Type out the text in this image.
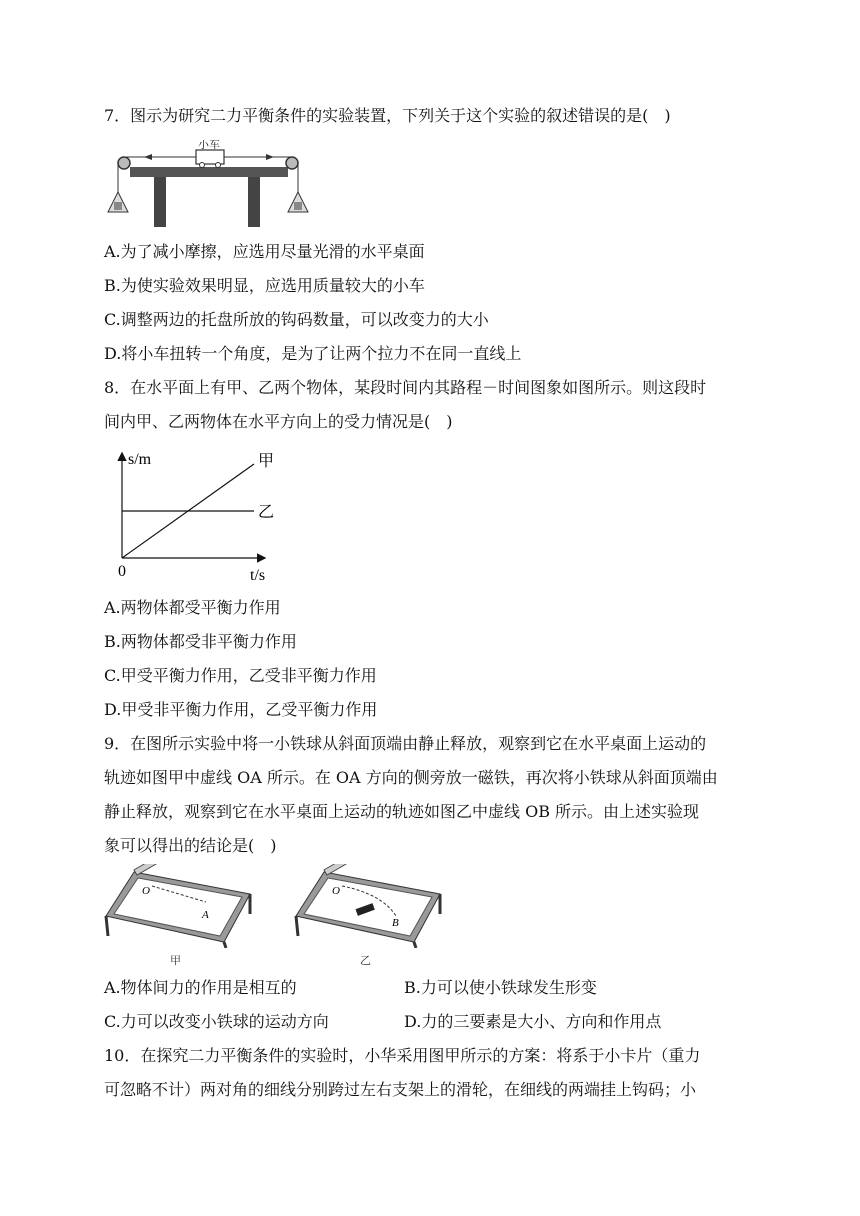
7．图示为研究二力平衡条件的实验装置，下列关于这个实验的叙述错误的是(　)
小车
A.为了减小摩擦，应选用尽量光滑的水平桌面
B.为使实验效果明显，应选用质量较大的小车
C.调整两边的托盘所放的钩码数量，可以改变力的大小
D.将小车扭转一个角度，是为了让两个拉力不在同一直线上
8．在水平面上有甲、乙两个物体，某段时间内其路程－时间图象如图所示。则这段时
间内甲、乙两物体在水平方向上的受力情况是(　)
s/m
t/s
0
甲
乙
A.两物体都受平衡力作用
B.两物体都受非平衡力作用
C.甲受平衡力作用，乙受非平衡力作用
D.甲受非平衡力作用，乙受平衡力作用
9．在图所示实验中将一小铁球从斜面顶端由静止释放，观察到它在水平桌面上运动的
轨迹如图甲中虚线 OA 所示。在 OA 方向的侧旁放一磁铁，再次将小铁球从斜面顶端由
静止释放，观察到它在水平桌面上运动的轨迹如图乙中虚线 OB 所示。由上述实验现
象可以得出的结论是(　)
O
A
甲
O
B
乙
A.物体间力的作用是相互的	B.力可以使小铁球发生形变
C.力可以改变小铁球的运动方向	D.力的三要素是大小、方向和作用点
10．在探究二力平衡条件的实验时，小华采用图甲所示的方案：将系于小卡片（重力
可忽略不计）两对角的细线分别跨过左右支架上的滑轮，在细线的两端挂上钩码；小
